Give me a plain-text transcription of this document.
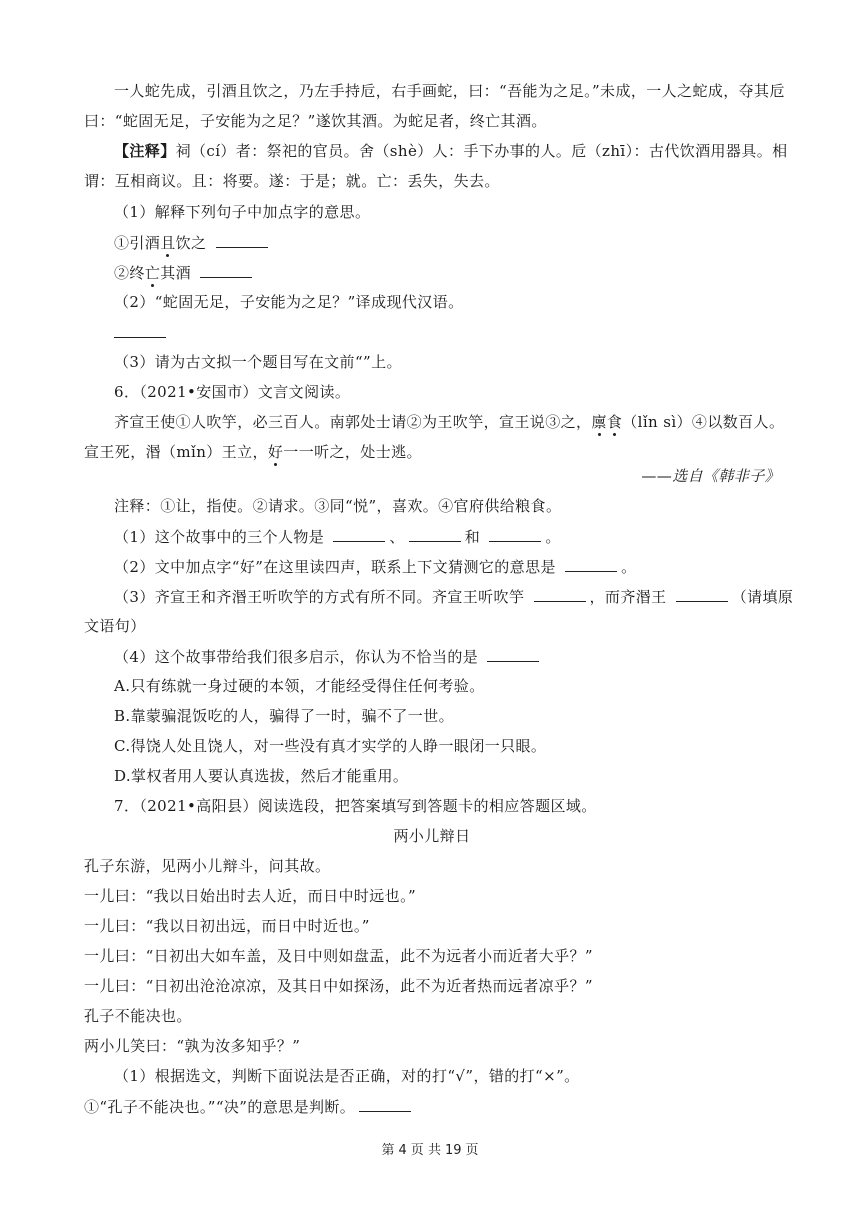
一人蛇先成，引酒且饮之，乃左手持卮，右手画蛇，曰：“吾能为之足。”未成，一人之蛇成，夺其卮
曰：“蛇固无足，子安能为之足？”遂饮其酒。为蛇足者，终亡其酒。
【注释】祠（cí）者：祭祀的官员。舍（shè）人：手下办事的人。卮（zhī）：古代饮酒用器具。相
谓：互相商议。且：将要。遂：于是；就。亡：丢失，失去。
（1）解释下列句子中加点字的意思。
①引酒且饮之
②终亡其酒
（2）“蛇固无足，子安能为之足？”译成现代汉语。
（3）请为古文拟一个题目写在文前“”上。
6．（2021•安国市）文言文阅读。
齐宣王使①人吹竽，必三百人。南郭处士请②为王吹竽，宣王说③之，廪食（lǐn sì）④以数百人。
宣王死，湣（mǐn）王立，好一一听之，处士逃。
——选自《韩非子》
注释：①让，指使。②请求。③同“悦”，喜欢。④官府供给粮食。
（1）这个故事中的三个人物是	、	和	。
（2）文中加点字“好”在这里读四声，联系上下文猜测它的意思是	。
（3）齐宣王和齐湣王听吹竽的方式有所不同。齐宣王听吹竽	，而齐湣王	（请填原
文语句）
（4）这个故事带给我们很多启示，你认为不恰当的是
A.只有练就一身过硬的本领，才能经受得住任何考验。
B.靠蒙骗混饭吃的人，骗得了一时，骗不了一世。
C.得饶人处且饶人，对一些没有真才实学的人睁一眼闭一只眼。
D.掌权者用人要认真选拔，然后才能重用。
7．（2021•高阳县）阅读选段，把答案填写到答题卡的相应答题区域。
两小儿辩日
孔子东游，见两小儿辩斗，问其故。
一儿曰：“我以日始出时去人近，而日中时远也。”
一儿曰：“我以日初出远，而日中时近也。”
一儿曰：“日初出大如车盖，及日中则如盘盂，此不为远者小而近者大乎？”
一儿曰：“日初出沧沧凉凉，及其日中如探汤，此不为近者热而远者凉乎？”
孔子不能决也。
两小儿笑曰：“孰为汝多知乎？”
（1）根据选文，判断下面说法是否正确，对的打“√”，错的打“×”。
①“孔子不能决也。”“决”的意思是判断。
第 4 页 共 19 页
